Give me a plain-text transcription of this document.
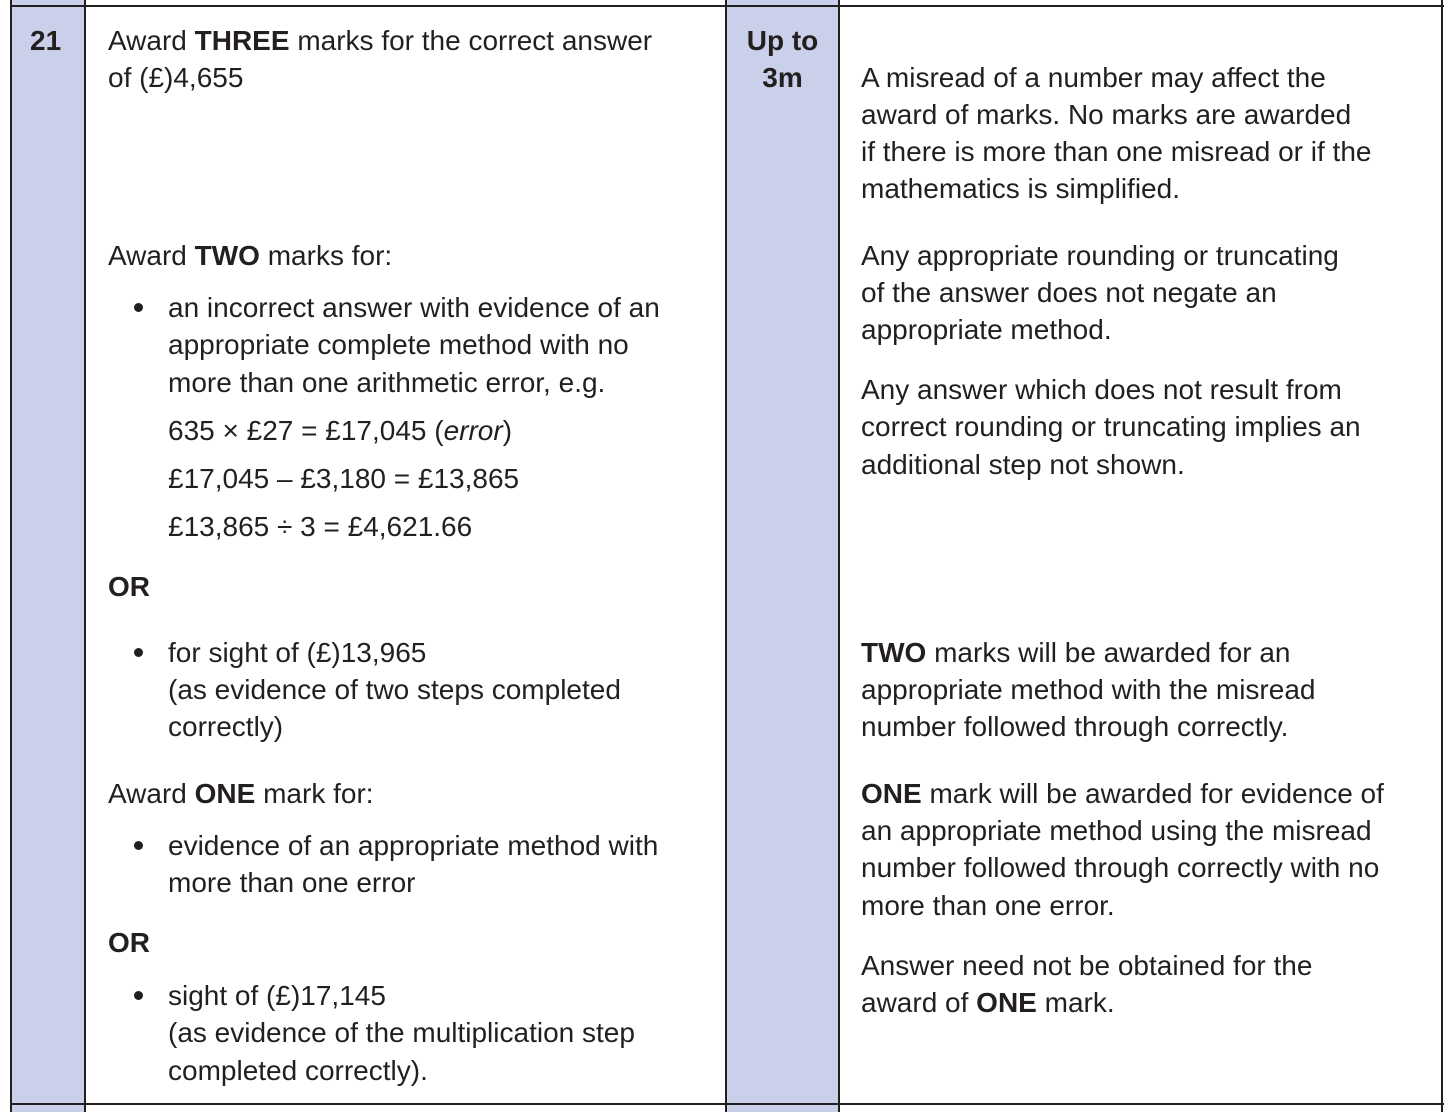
21	Up to
3m
Award THREE marks for the correct answer
of (£)4,655
Award TWO marks for:
an incorrect answer with evidence of an
appropriate complete method with no
more than one arithmetic error, e.g.
635 × £27 = £17,045 (error)
£17,045 – £3,180 = £13,865
£13,865 ÷ 3 = £4,621.66
OR
for sight of (£)13,965
(as evidence of two steps completed
correctly)
Award ONE mark for:
evidence of an appropriate method with
more than one error
OR
sight of (£)17,145
(as evidence of the multiplication step
completed correctly).
A misread of a number may affect the
award of marks. No marks are awarded
if there is more than one misread or if the
mathematics is simplified.
Any appropriate rounding or truncating
of the answer does not negate an
appropriate method.
Any answer which does not result from
correct rounding or truncating implies an
additional step not shown.
TWO marks will be awarded for an
appropriate method with the misread
number followed through correctly.
ONE mark will be awarded for evidence of
an appropriate method using the misread
number followed through correctly with no
more than one error.
Answer need not be obtained for the
award of ONE mark.
